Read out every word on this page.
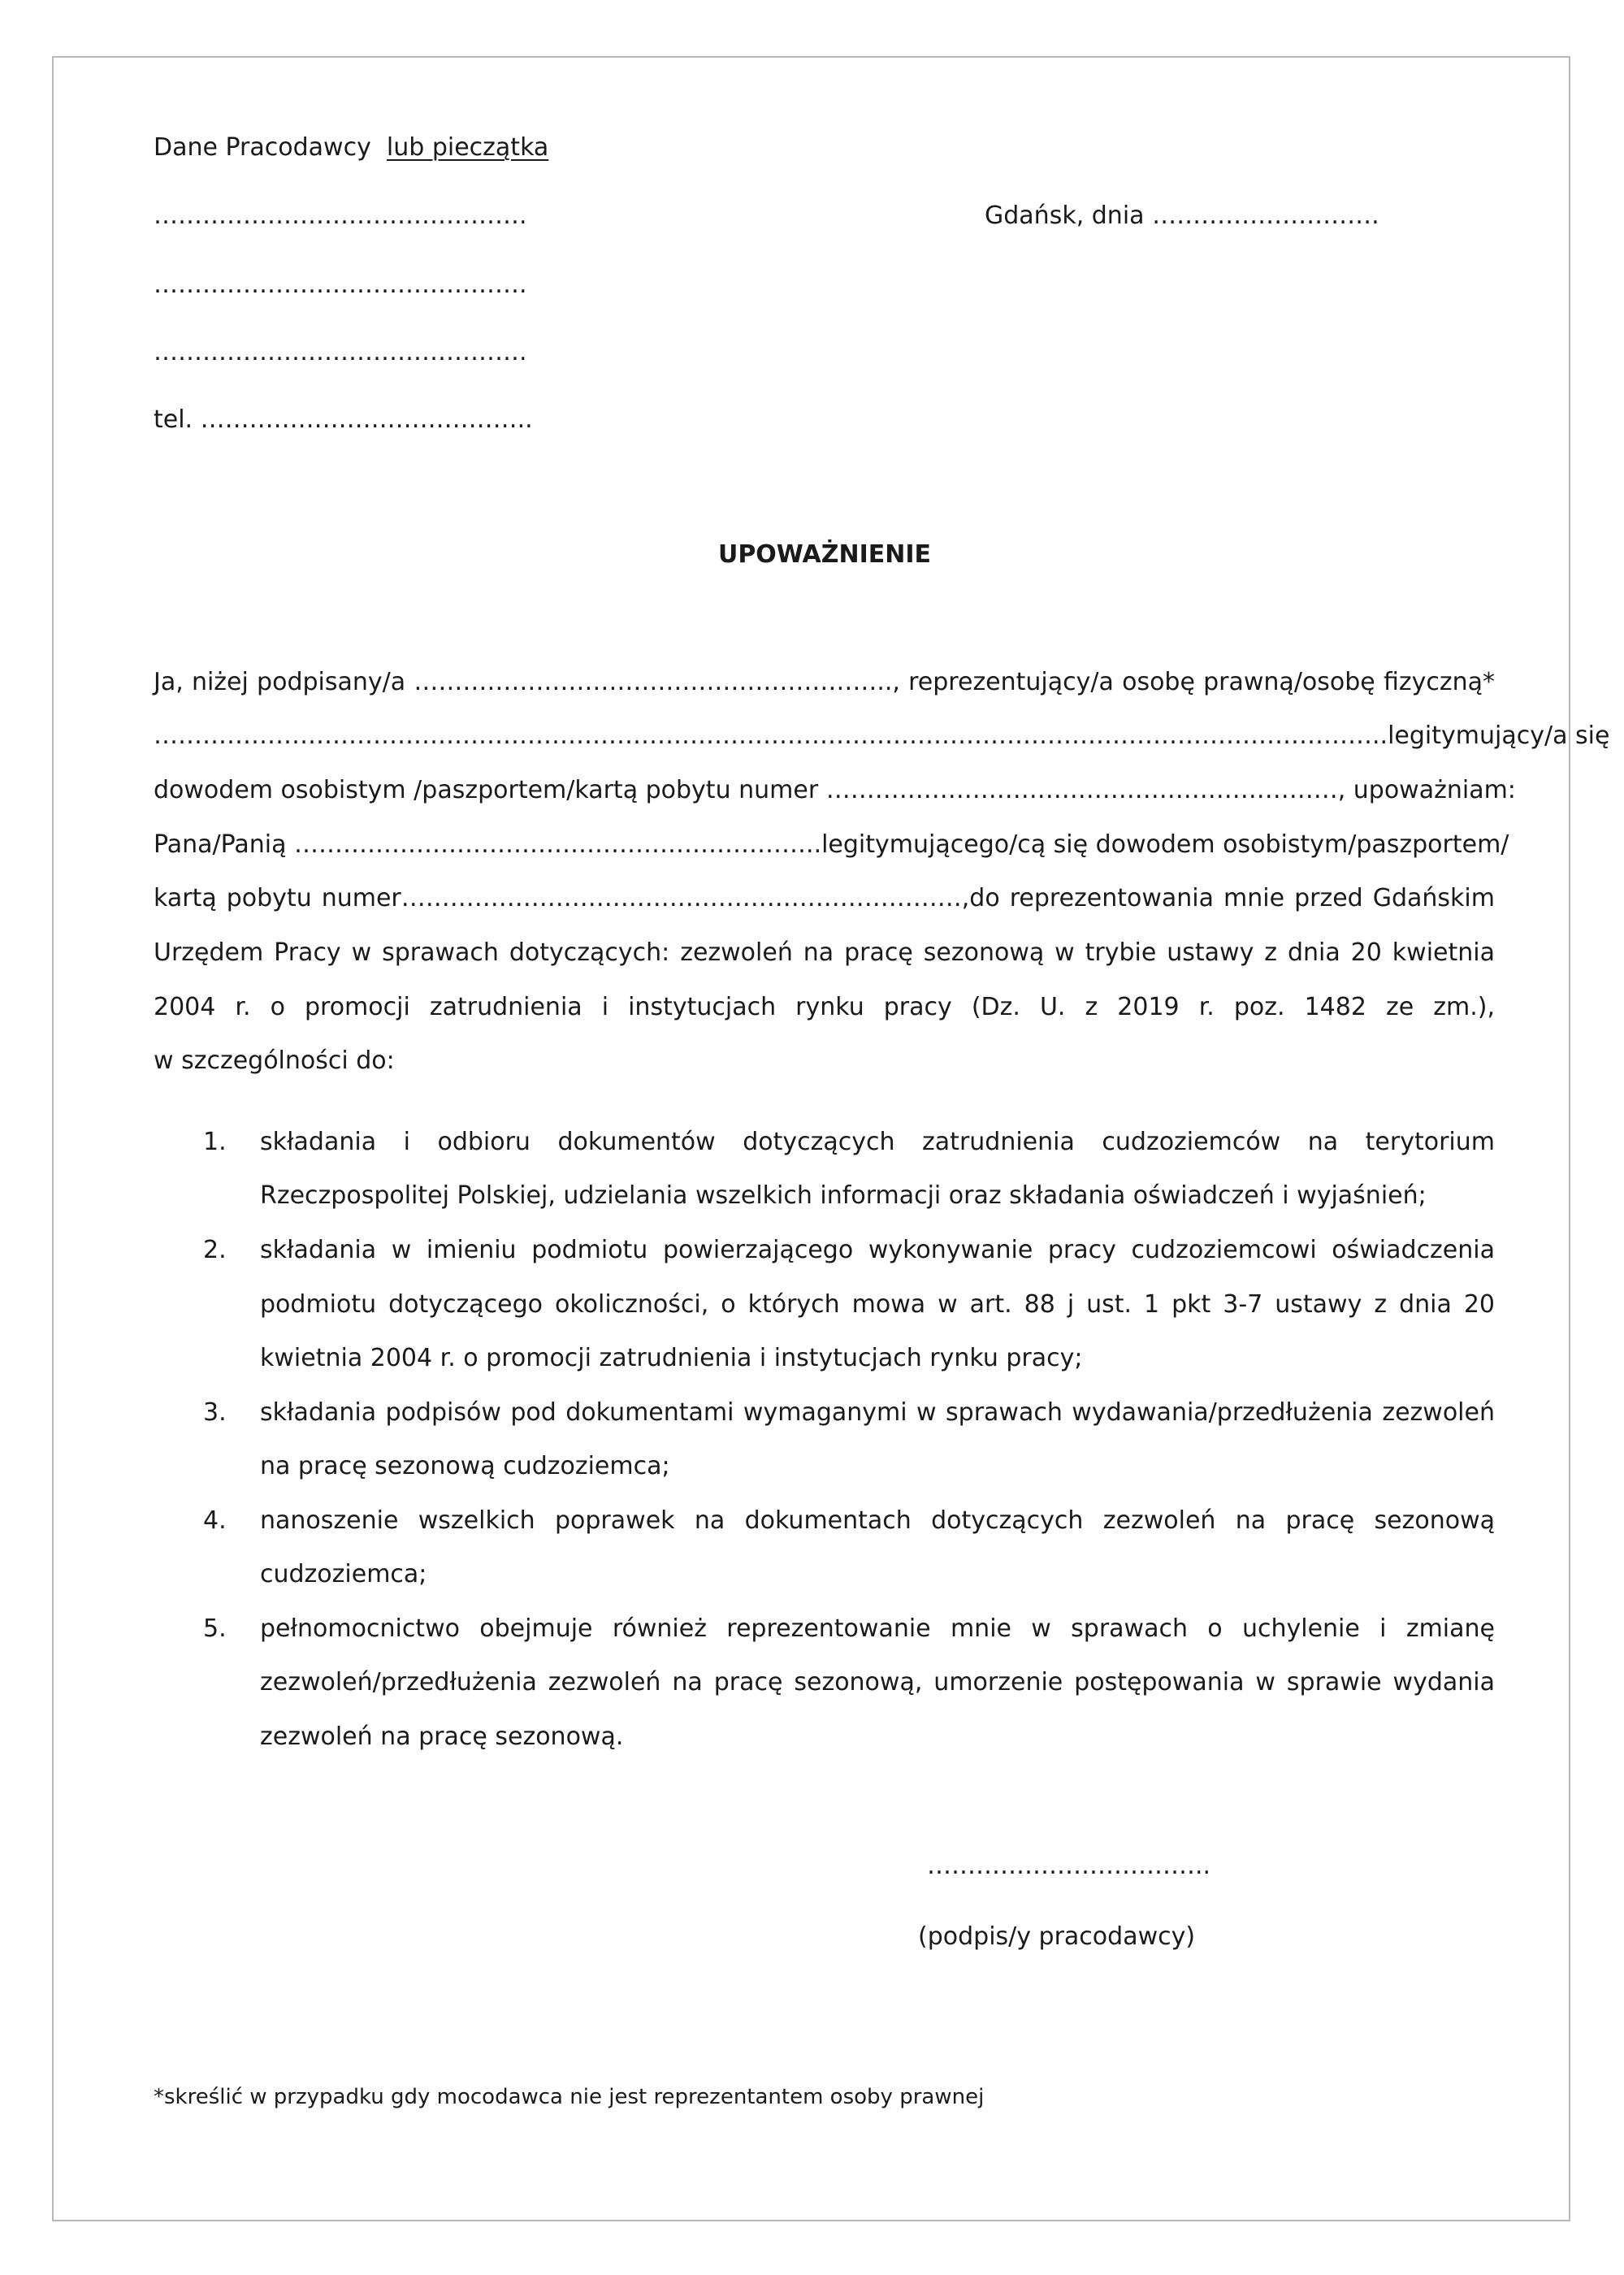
Dane Pracodawcy lub pieczątka
……………………………………….	Gdańsk, dnia ……………………….
……………………………………….
……………………………………….
tel. …………………………………..
UPOWAŻNIENIE
Ja, niżej podpisany/a ………………………………………………….., reprezentujący/a osobę prawną/osobę fizyczną*
……………………………………………………………………………………………………………………………………..legitymujący/a się
dowodem osobistym /paszportem/kartą pobytu numer ………………………………………………………, upoważniam:
Pana/Panią ………………………………………………………..legitymującego/cą się dowodem osobistym/paszportem/
kartą pobytu numer……………………………………………………………,do reprezentowania mnie przed Gdańskim
Urzędem Pracy w sprawach dotyczących: zezwoleń na pracę sezonową w trybie ustawy z dnia 20 kwietnia
2004 r. o promocji zatrudnienia i instytucjach rynku pracy (Dz. U. z 2019 r. poz. 1482 ze zm.),
w szczególności do:
1. składania i odbioru dokumentów dotyczących zatrudnienia cudzoziemców na terytorium
Rzeczpospolitej Polskiej, udzielania wszelkich informacji oraz składania oświadczeń i wyjaśnień;
2. składania w imieniu podmiotu powierzającego wykonywanie pracy cudzoziemcowi oświadczenia
podmiotu dotyczącego okoliczności, o których mowa w art. 88 j ust. 1 pkt 3-7 ustawy z dnia 20
kwietnia 2004 r. o promocji zatrudnienia i instytucjach rynku pracy;
3. składania podpisów pod dokumentami wymaganymi w sprawach wydawania/przedłużenia zezwoleń
na pracę sezonową cudzoziemca;
4. nanoszenie wszelkich poprawek na dokumentach dotyczących zezwoleń na pracę sezonową
cudzoziemca;
5. pełnomocnictwo obejmuje również reprezentowanie mnie w sprawach o uchylenie i zmianę
zezwoleń/przedłużenia zezwoleń na pracę sezonową, umorzenie postępowania w sprawie wydania
zezwoleń na pracę sezonową.
……………………………..
(podpis/y pracodawcy)
*skreślić w przypadku gdy mocodawca nie jest reprezentantem osoby prawnej
